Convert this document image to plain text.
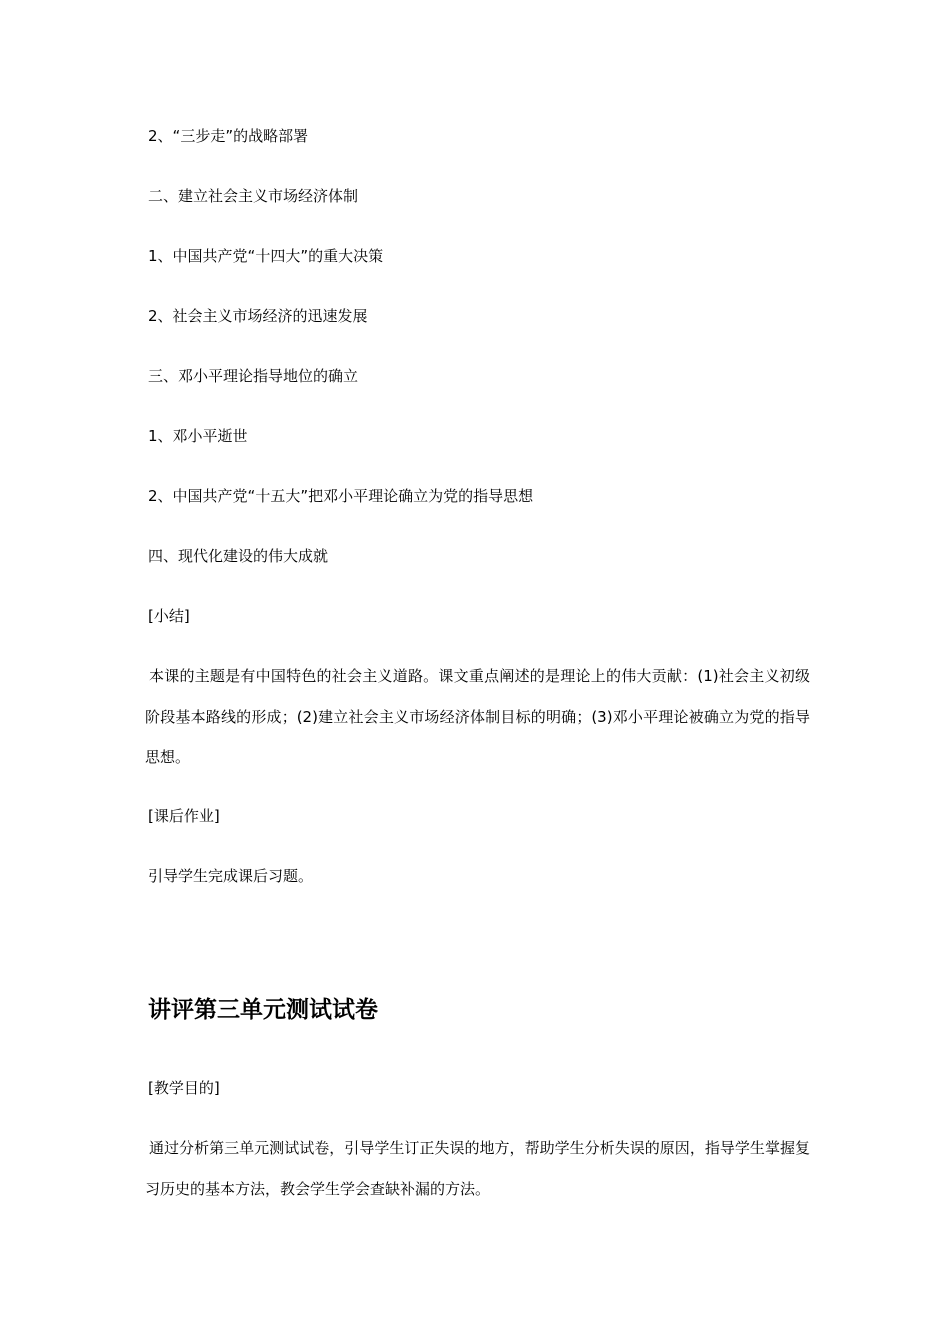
2、“三步走”的战略部署
二、建立社会主义市场经济体制
1、中国共产党“十四大”的重大决策
2、社会主义市场经济的迅速发展
三、邓小平理论指导地位的确立
1、邓小平逝世
2、中国共产党“十五大”把邓小平理论确立为党的指导思想
四、现代化建设的伟大成就
[小结]
本课的主题是有中国特色的社会主义道路。课文重点阐述的是理论上的伟大贡献：(1)社会主义初级阶段基本路线的形成；(2)建立社会主义市场经济体制目标的明确；(3)邓小平理论被确立为党的指导思想。
[课后作业]
引导学生完成课后习题。
讲评第三单元测试试卷
[教学目的]
通过分析第三单元测试试卷，引导学生订正失误的地方，帮助学生分析失误的原因，指导学生掌握复习历史的基本方法，教会学生学会查缺补漏的方法。
